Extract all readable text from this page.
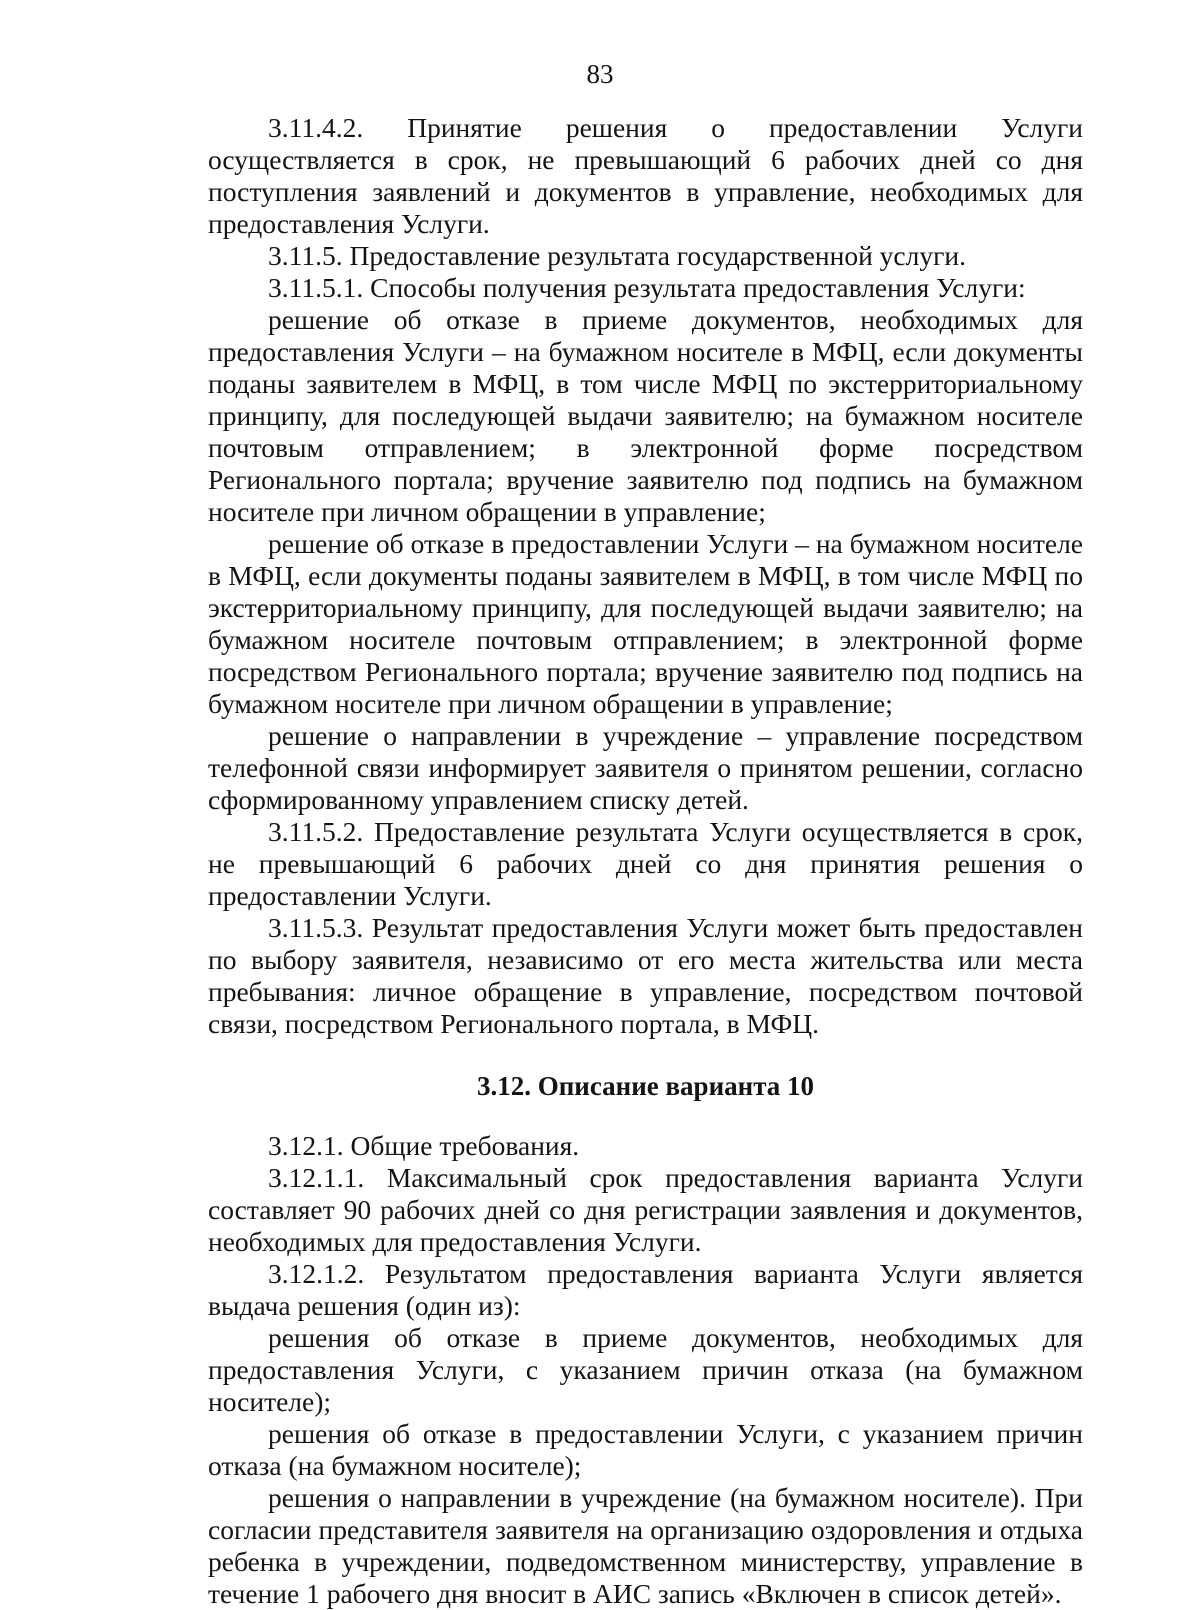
83

3.11.4.2. Принятие решения о предоставлении Услуги осуществляется в срок, не превышающий 6 рабочих дней со дня поступления заявлений и документов в управление, необходимых для предоставления Услуги.

3.11.5. Предоставление результата государственной услуги.

3.11.5.1. Способы получения результата предоставления Услуги:

решение об отказе в приеме документов, необходимых для предоставления Услуги – на бумажном носителе в МФЦ, если документы поданы заявителем в МФЦ, в том числе МФЦ по экстерриториальному принципу, для последующей выдачи заявителю; на бумажном носителе почтовым отправлением; в электронной форме посредством Регионального портала; вручение заявителю под подпись на бумажном носителе при личном обращении в управление;

решение об отказе в предоставлении Услуги – на бумажном носителе в МФЦ, если документы поданы заявителем в МФЦ, в том числе МФЦ по экстерриториальному принципу, для последующей выдачи заявителю; на бумажном носителе почтовым отправлением; в электронной форме посредством Регионального портала; вручение заявителю под подпись на бумажном носителе при личном обращении в управление;

решение о направлении в учреждение – управление посредством телефонной связи информирует заявителя о принятом решении, согласно сформированному управлением списку детей.

3.11.5.2. Предоставление результата Услуги осуществляется в срок, не превышающий 6 рабочих дней со дня принятия решения о предоставлении Услуги.

3.11.5.3. Результат предоставления Услуги может быть предоставлен по выбору заявителя, независимо от его места жительства или места пребывания: личное обращение в управление, посредством почтовой связи, посредством Регионального портала, в МФЦ.

3.12. Описание варианта 10

3.12.1. Общие требования.

3.12.1.1. Максимальный срок предоставления варианта Услуги составляет 90 рабочих дней со дня регистрации заявления и документов, необходимых для предоставления Услуги.

3.12.1.2. Результатом предоставления варианта Услуги является выдача решения (один из):

решения об отказе в приеме документов, необходимых для предоставления Услуги, с указанием причин отказа (на бумажном носителе);

решения об отказе в предоставлении Услуги, с указанием причин отказа (на бумажном носителе);

решения о направлении в учреждение (на бумажном носителе). При согласии представителя заявителя на организацию оздоровления и отдыха ребенка в учреждении, подведомственном министерству, управление в течение 1 рабочего дня вносит в АИС запись «Включен в список детей».
